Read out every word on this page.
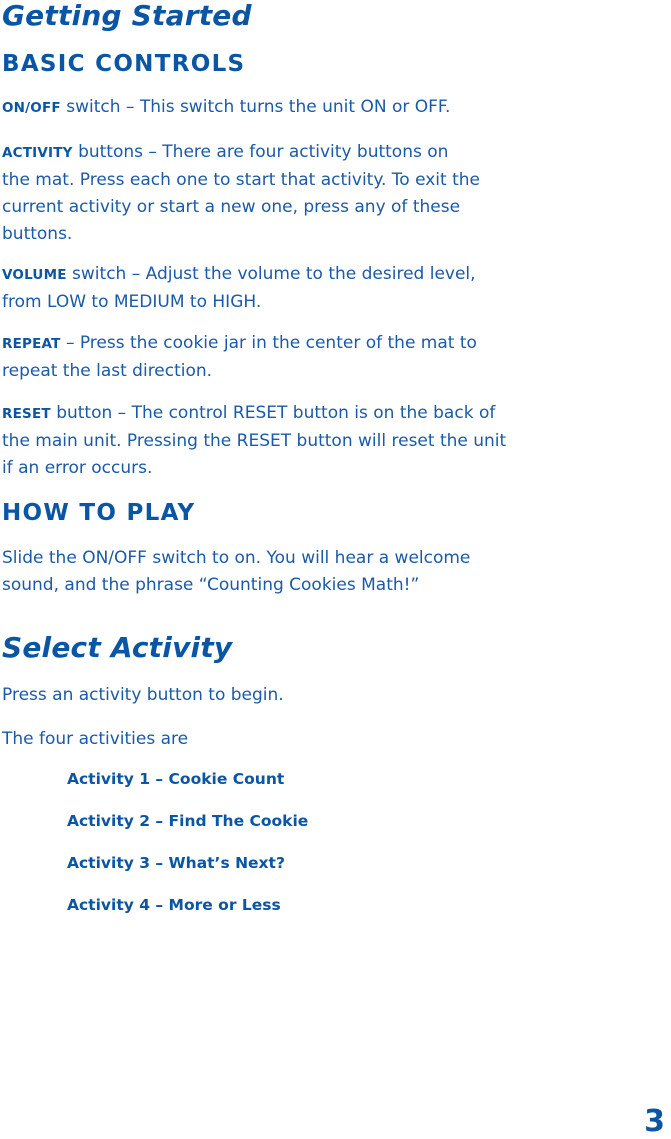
Getting Started
BASIC CONTROLS
ON/OFF switch – This switch turns the unit ON or OFF.
ACTIVITY buttons – There are four activity buttons on
the mat. Press each one to start that activity. To exit the
current activity or start a new one, press any of these
buttons.
VOLUME switch – Adjust the volume to the desired level,
from LOW to MEDIUM to HIGH.
REPEAT – Press the cookie jar in the center of the mat to
repeat the last direction.
RESET button – The control RESET button is on the back of
the main unit. Pressing the RESET button will reset the unit
if an error occurs.
HOW TO PLAY
Slide the ON/OFF switch to on. You will hear a welcome
sound, and the phrase “Counting Cookies Math!”
Select Activity
Press an activity button to begin.
The four activities are
Activity 1 – Cookie Count
Activity 2 – Find The Cookie
Activity 3 – What’s Next?
Activity 4 – More or Less
3
